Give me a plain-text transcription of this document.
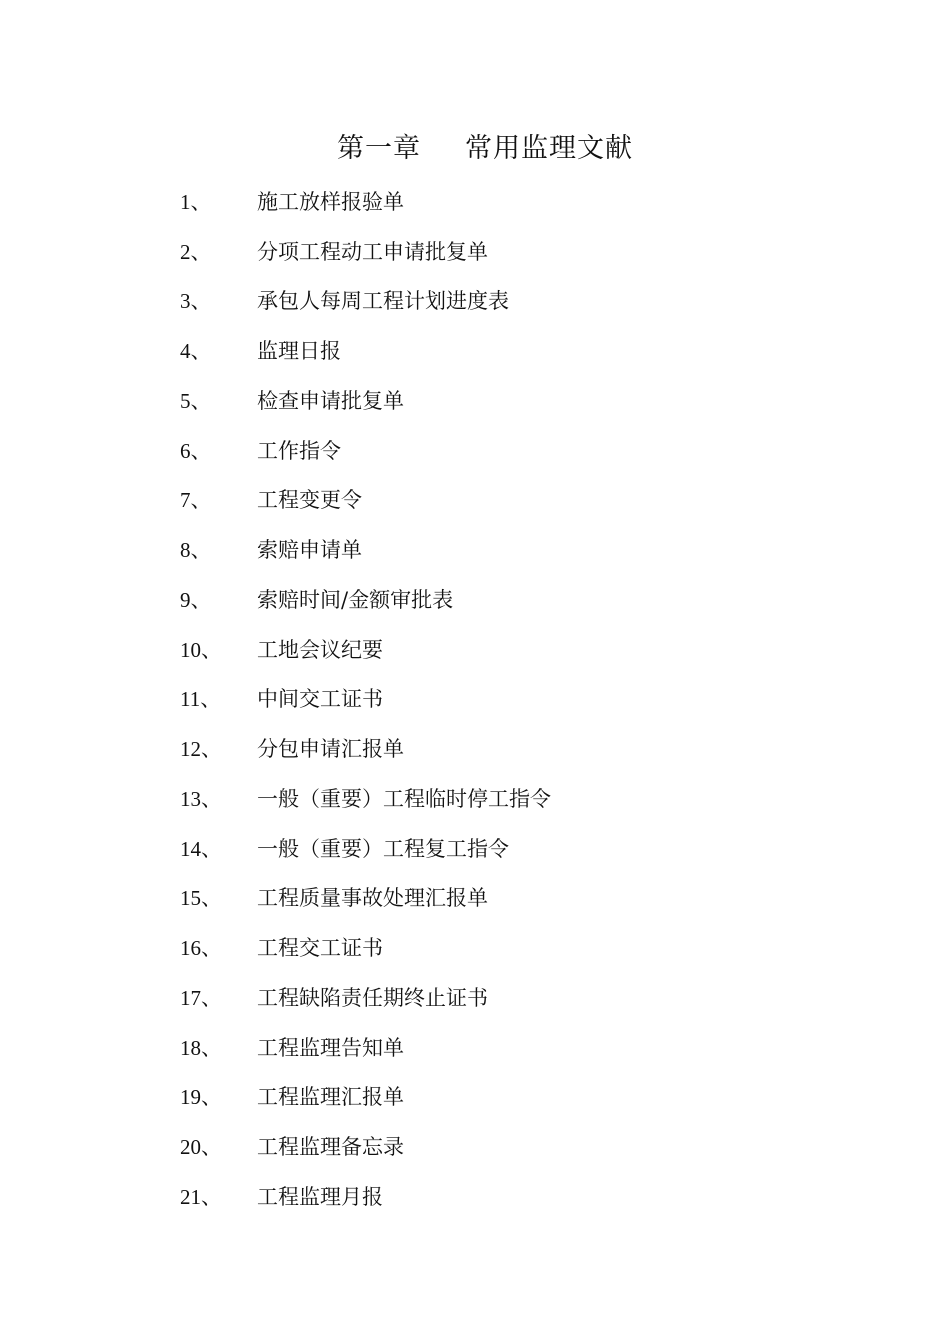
第一章 常用监理文献
1、	施工放样报验单
2、	分项工程动工申请批复单
3、	承包人每周工程计划进度表
4、	监理日报
5、	检查申请批复单
6、	工作指令
7、	工程变更令
8、	索赔申请单
9、	索赔时间/金额审批表
10、	工地会议纪要
11、	中间交工证书
12、	分包申请汇报单
13、	一般（重要）工程临时停工指令
14、	一般（重要）工程复工指令
15、	工程质量事故处理汇报单
16、	工程交工证书
17、	工程缺陷责任期终止证书
18、	工程监理告知单
19、	工程监理汇报单
20、	工程监理备忘录
21、	工程监理月报
